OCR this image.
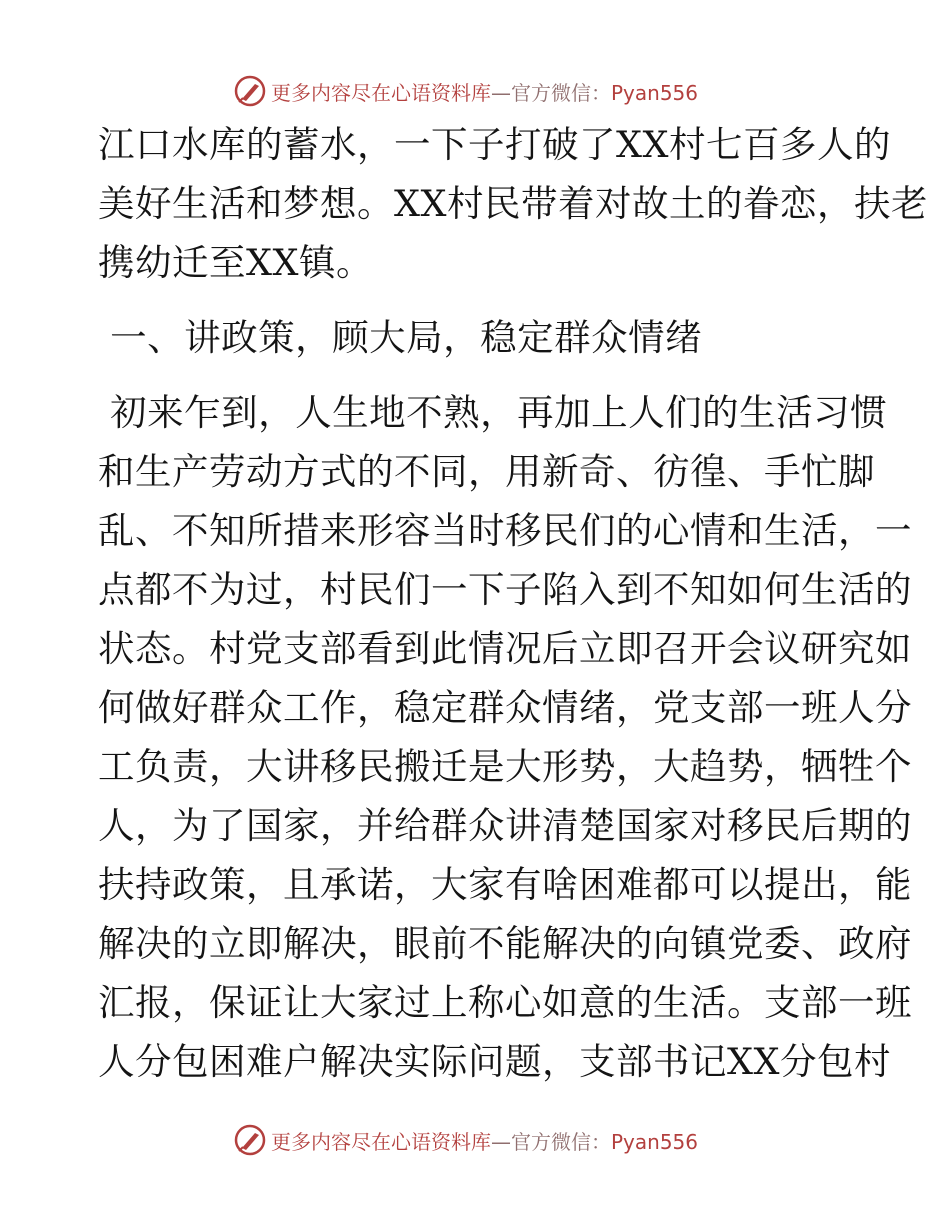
更多内容尽在心语资料库—官方微信：Pyan556

江口水库的蓄水，一下子打破了XX村七百多人的

美好生活和梦想。XX村民带着对故土的眷恋，扶老

携幼迁至XX镇。

一、讲政策，顾大局，稳定群众情绪

初来乍到，人生地不熟，再加上人们的生活习惯

和生产劳动方式的不同，用新奇、彷徨、手忙脚

乱、不知所措来形容当时移民们的心情和生活，一

点都不为过，村民们一下子陷入到不知如何生活的

状态。村党支部看到此情况后立即召开会议研究如

何做好群众工作，稳定群众情绪，党支部一班人分

工负责，大讲移民搬迁是大形势，大趋势，牺牲个

人，为了国家，并给群众讲清楚国家对移民后期的

扶持政策，且承诺，大家有啥困难都可以提出，能

解决的立即解决，眼前不能解决的向镇党委、政府

汇报，保证让大家过上称心如意的生活。支部一班

人分包困难户解决实际问题，支部书记XX分包村

更多内容尽在心语资料库—官方微信：Pyan556
